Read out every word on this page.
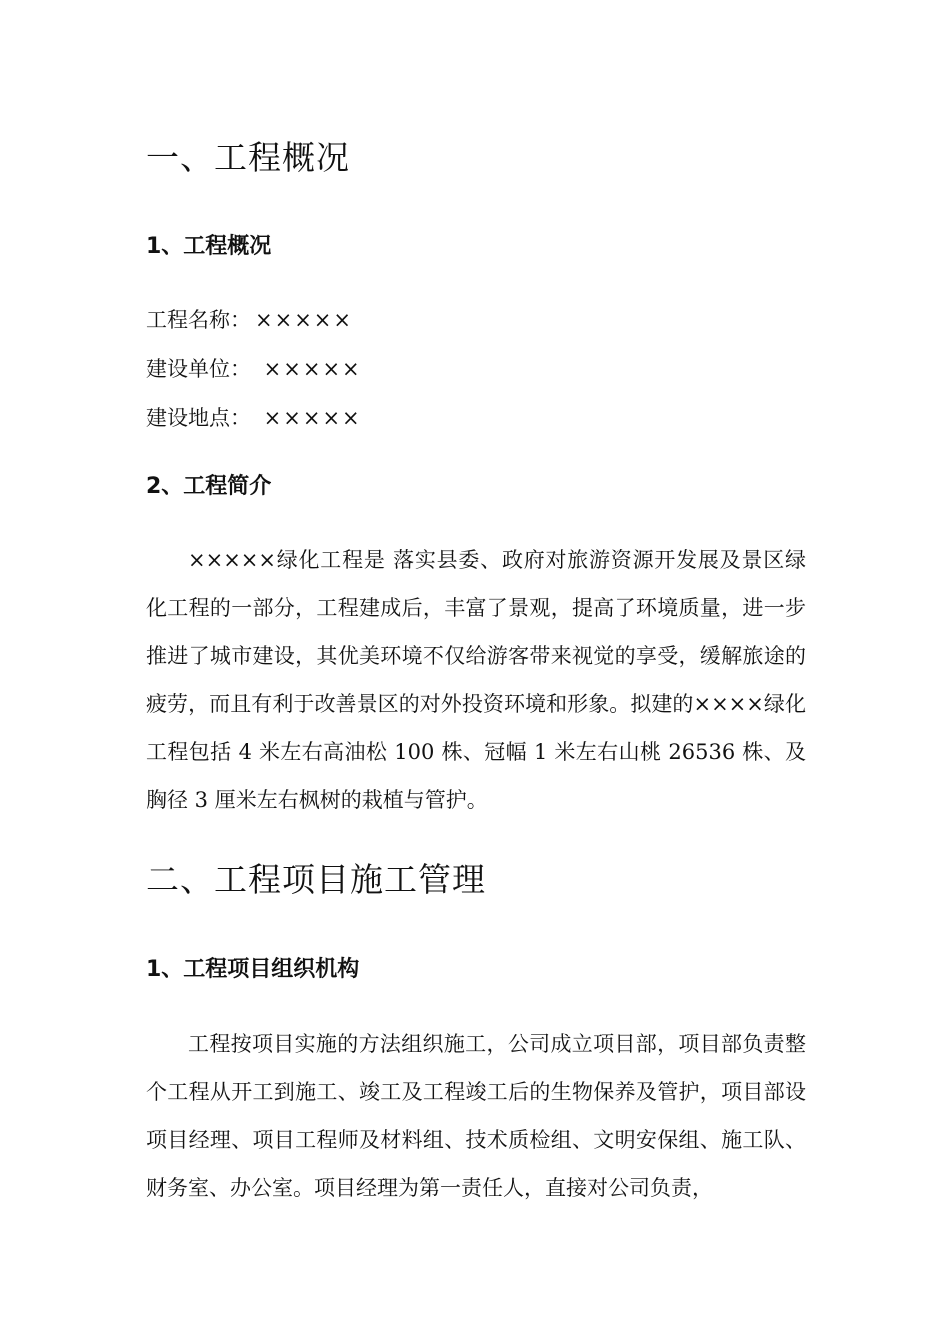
一、工程概况
1、工程概况
工程名称： ×××××
建设单位： ×××××
建设地点： ×××××
2、工程简介

×××××绿化工程是 落实县委、政府对旅游资源开发展及景区绿化工程的一部分，工程建成后，丰富了景观，提高了环境质量，进一步推进了城市建设，其优美环境不仅给游客带来视觉的享受，缓解旅途的疲劳，而且有利于改善景区的对外投资环境和形象。拟建的××××绿化工程包括 4 米左右高油松 100 株、冠幅 1 米左右山桃 26536 株、及胸径 3 厘米左右枫树的栽植与管护。

二、工程项目施工管理
1、工程项目组织机构

工程按项目实施的方法组织施工，公司成立项目部，项目部负责整个工程从开工到施工、竣工及工程竣工后的生物保养及管护，项目部设项目经理、项目工程师及材料组、技术质检组、文明安保组、施工队、财务室、办公室。项目经理为第一责任人，直接对公司负责，
